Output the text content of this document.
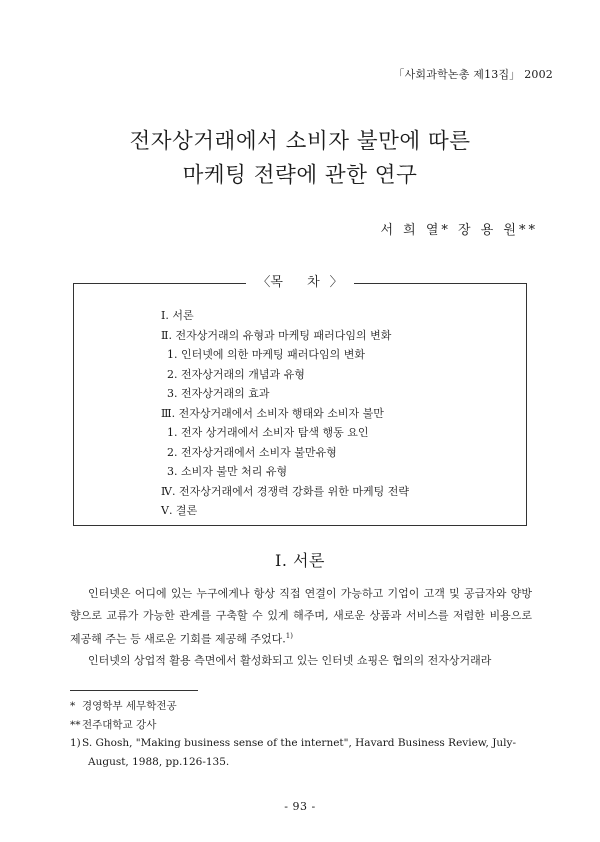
「사회과학논총 제13집」 2002
전자상거래에서 소비자 불만에 따른
마케팅 전략에 관한 연구
서 희 열* 장 용 원**
〈목 차〉
Ⅰ. 서론
Ⅱ. 전자상거래의 유형과 마케팅 패러다임의 변화
1. 인터넷에 의한 마케팅 패러다임의 변화
2. 전자상거래의 개념과 유형
3. 전자상거래의 효과
Ⅲ. 전자상거래에서 소비자 행태와 소비자 불만
1. 전자 상거래에서 소비자 탐색 행동 요인
2. 전자상거래에서 소비자 불만유형
3. 소비자 불만 처리 유형
Ⅳ. 전자상거래에서 경쟁력 강화를 위한 마케팅 전략
Ⅴ. 결론
Ⅰ. 서론

인터넷은 어디에 있는 누구에게나 항상 직접 연결이 가능하고 기업이 고객 및 공급자와 양방향으로 교류가 가능한 관계를 구축할 수 있게 해주며, 새로운 상품과 서비스를 저렴한 비용으로 제공해 주는 등 새로운 기회를 제공해 주었다.$^{1)}$

인터넷의 상업적 활용 측면에서 활성화되고 있는 인터넷 쇼핑은 협의의 전자상거래라

* 경영학부 세무학전공
** 전주대학교 강사
1)S. Ghosh, "Making business sense of the internet", Havard Business Review, July-
August, 1988, pp.126-135.
- 93 -
